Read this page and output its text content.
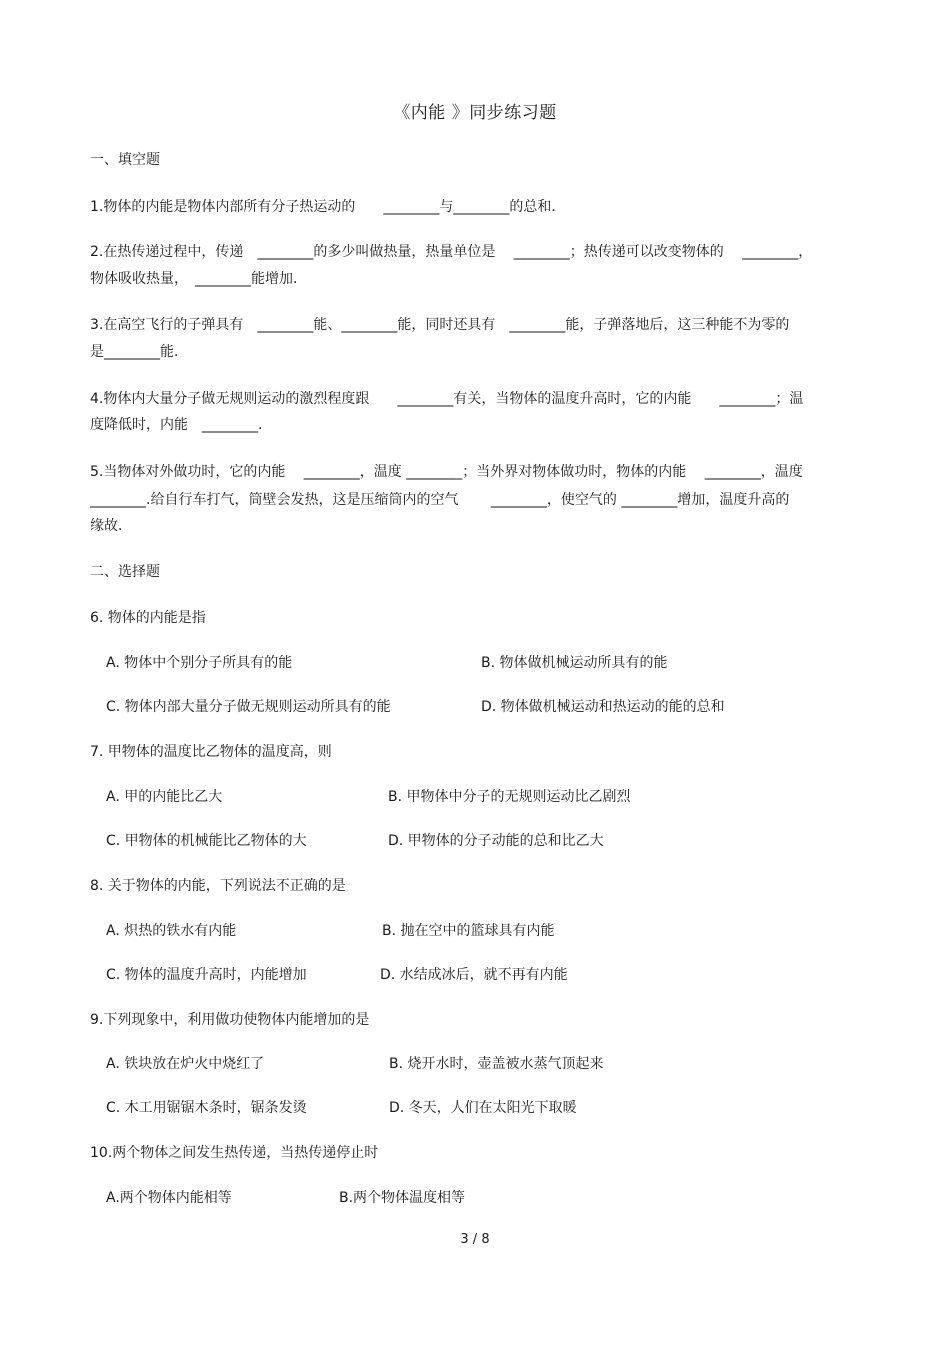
《内能 》同步练习题
一、填空题
1.物体的内能是物体内部所有分子热运动的　　________与________的总和．
2.在热传递过程中，传递　________的多少叫做热量，热量单位是　 ________；热传递可以改变物体的　 ________，
物体吸收热量，　________能增加．
3.在高空飞行的子弹具有　________能、________能，同时还具有　________能，子弹落地后，这三种能不为零的
是________能．
4.物体内大量分子做无规则运动的激烈程度跟　　________有关，当物体的温度升高时，它的内能　　________；温
度降低时，内能　________.
5.当物体对外做功时，它的内能　 ________，温度 ________；当外界对物体做功时，物体的内能　 ________，温度
________.给自行车打气，筒壁会发热，这是压缩筒内的空气　　 ________，使空气的 ________增加，温度升高的
缘故．
二、选择题
6. 物体的内能是指
A. 物体中个别分子所具有的能	B. 物体做机械运动所具有的能
C. 物体内部大量分子做无规则运动所具有的能	D. 物体做机械运动和热运动的能的总和
7. 甲物体的温度比乙物体的温度高，则
A. 甲的内能比乙大	B. 甲物体中分子的无规则运动比乙剧烈
C. 甲物体的机械能比乙物体的大	D. 甲物体的分子动能的总和比乙大
8. 关于物体的内能，下列说法不正确的是
A. 炽热的铁水有内能	B. 抛在空中的篮球具有内能
C. 物体的温度升高时，内能增加	D. 水结成冰后，就不再有内能
9.下列现象中，利用做功使物体内能增加的是
A. 铁块放在炉火中烧红了	B. 烧开水时，壶盖被水蒸气顶起来
C. 木工用锯锯木条时，锯条发烫	D. 冬天，人们在太阳光下取暖
10.两个物体之间发生热传递，当热传递停止时
A.两个物体内能相等	B.两个物体温度相等
3 / 8
